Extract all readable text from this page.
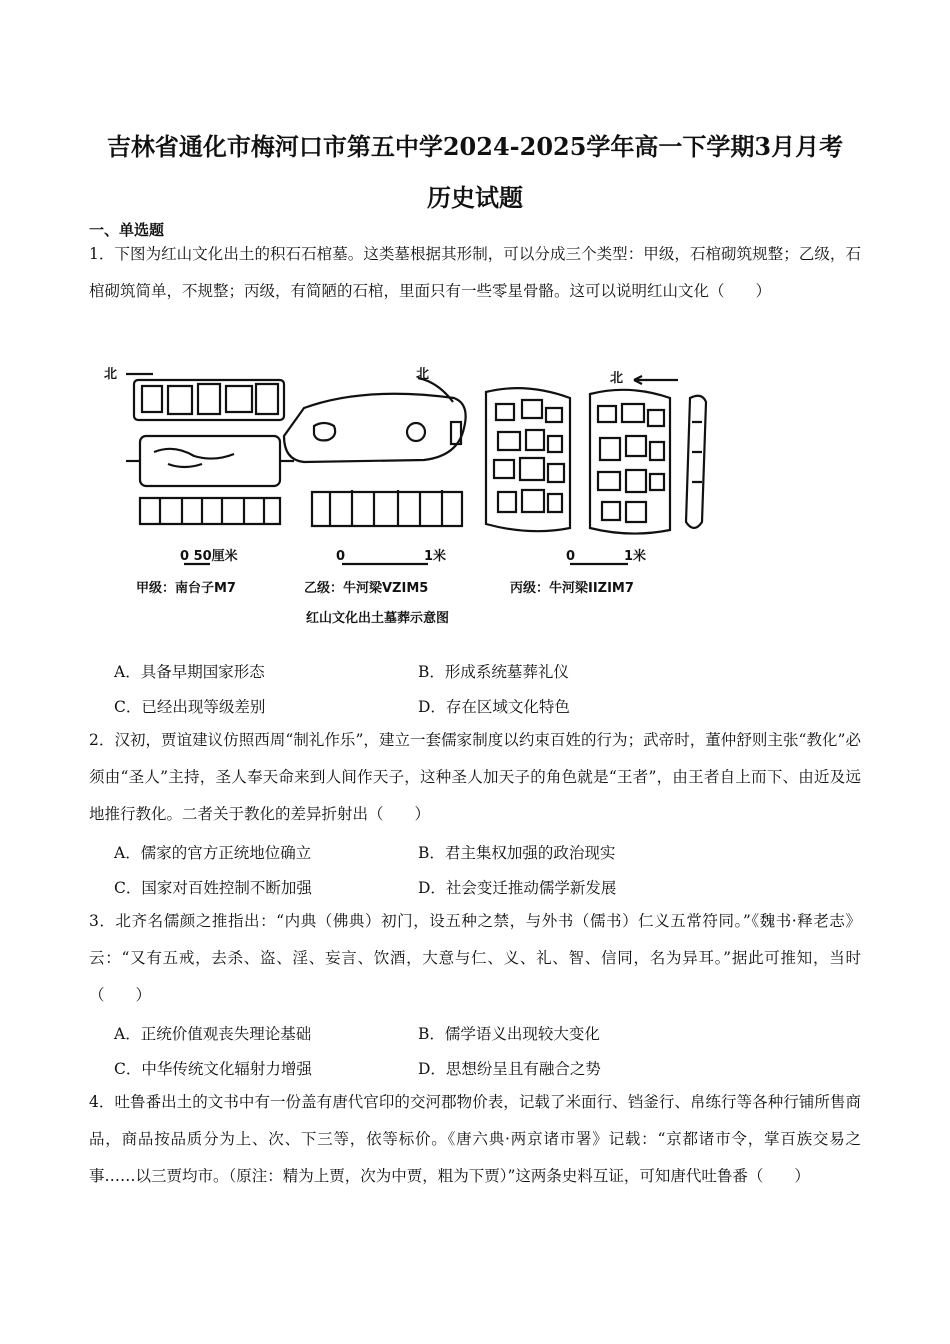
吉林省通化市梅河口市第五中学2024-2025学年高一下学期3月月考
历史试题
一、单选题
1．下图为红山文化出土的积石石棺墓。这类墓根据其形制，可以分成三个类型：甲级，石棺砌筑规整；乙级，石棺砌筑简单，不规整；丙级，有简陋的石棺，里面只有一些零星骨骼。这可以说明红山文化（　　）
北	北	北
0 50厘米	0	1米	0	1米
甲级：南台子M7	乙级：牛河梁VZIM5	丙级：牛河梁IIZIM7
红山文化出土墓葬示意图
A．具备早期国家形态	B．形成系统墓葬礼仪
C．已经出现等级差别	D．存在区域文化特色
2．汉初，贾谊建议仿照西周“制礼作乐”，建立一套儒家制度以约束百姓的行为；武帝时，董仲舒则主张“教化”必须由“圣人”主持，圣人奉天命来到人间作天子，这种圣人加天子的角色就是“王者”，由王者自上而下、由近及远地推行教化。二者关于教化的差异折射出（　　）
A．儒家的官方正统地位确立	B．君主集权加强的政治现实
C．国家对百姓控制不断加强	D．社会变迁推动儒学新发展
3．北齐名儒颜之推指出：“内典（佛典）初门，设五种之禁，与外书（儒书）仁义五常符同。”《魏书·释老志》云：“又有五戒，去杀、盗、淫、妄言、饮酒，大意与仁、义、礼、智、信同，名为异耳。”据此可推知，当时（　　）
A．正统价值观丧失理论基础	B．儒学语义出现较大变化
C．中华传统文化辐射力增强	D．思想纷呈且有融合之势
4．吐鲁番出土的文书中有一份盖有唐代官印的交河郡物价表，记载了米面行、铛釜行、帛练行等各种行铺所售商品，商品按品质分为上、次、下三等，依等标价。《唐六典·两京诸市署》记载：“京都诸市令，掌百族交易之事……以三贾均市。（原注：精为上贾，次为中贾，粗为下贾）”这两条史料互证，可知唐代吐鲁番（　　）
